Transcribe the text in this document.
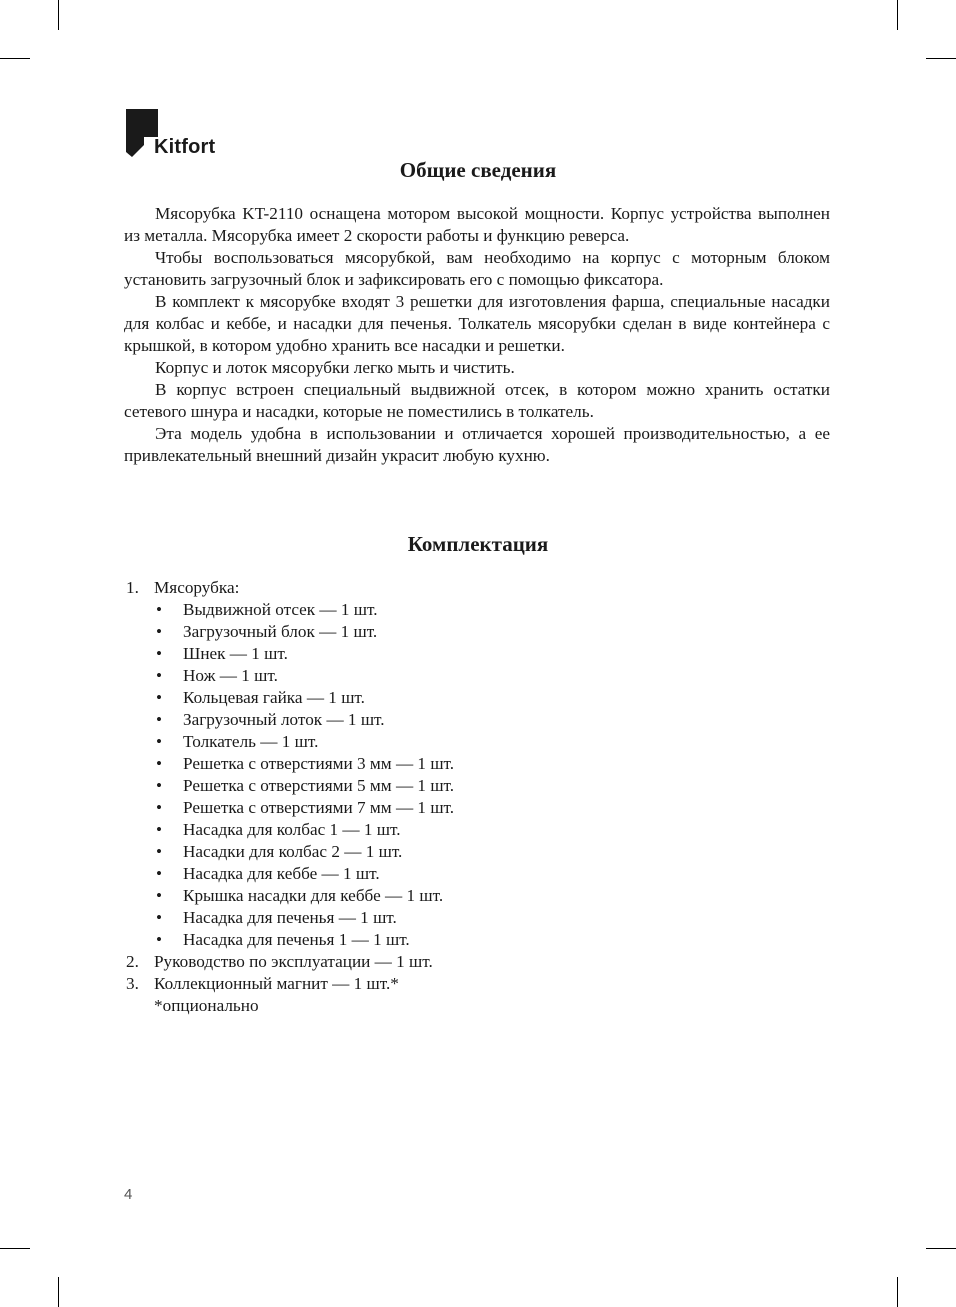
Kitfort
Общие сведения

Мясорубка KT-2110 оснащена мотором высокой мощности. Корпус устройства выполнен из металла. Мясорубка имеет 2 скорости работы и функцию реверса.

Чтобы воспользоваться мясорубкой, вам необходимо на корпус с моторным блоком установить загрузочный блок и зафиксировать его с помощью фиксатора.

В комплект к мясорубке входят 3 решетки для изготовления фарша, специальные насадки для колбас и кеббе, и насадки для печенья. Толкатель мясорубки сделан в виде контейнера с крышкой, в котором удобно хранить все насадки и решетки.

Корпус и лоток мясорубки легко мыть и чистить.

В корпус встроен специальный выдвижной отсек, в котором можно хранить остатки сетевого шнура и насадки, которые не поместились в толкатель.

Эта модель удобна в использовании и отличается хорошей производительностью, а ее привлекательный внешний дизайн украсит любую кухню.

Комплектация
1. Мясорубка:
• Выдвижной отсек — 1 шт.
• Загрузочный блок — 1 шт.
• Шнек — 1 шт.
• Нож — 1 шт.
• Кольцевая гайка — 1 шт.
• Загрузочный лоток — 1 шт.
• Толкатель — 1 шт.
• Решетка с отверстиями 3 мм — 1 шт.
• Решетка с отверстиями 5 мм — 1 шт.
• Решетка с отверстиями 7 мм — 1 шт.
• Насадка для колбас 1 — 1 шт.
• Насадки для колбас 2 — 1 шт.
• Насадка для кеббе — 1 шт.
• Крышка насадки для кеббе — 1 шт.
• Насадка для печенья — 1 шт.
• Насадка для печенья 1 — 1 шт.
2. Руководство по эксплуатации — 1 шт.
3. Коллекционный магнит — 1 шт.*
*опционально
4
